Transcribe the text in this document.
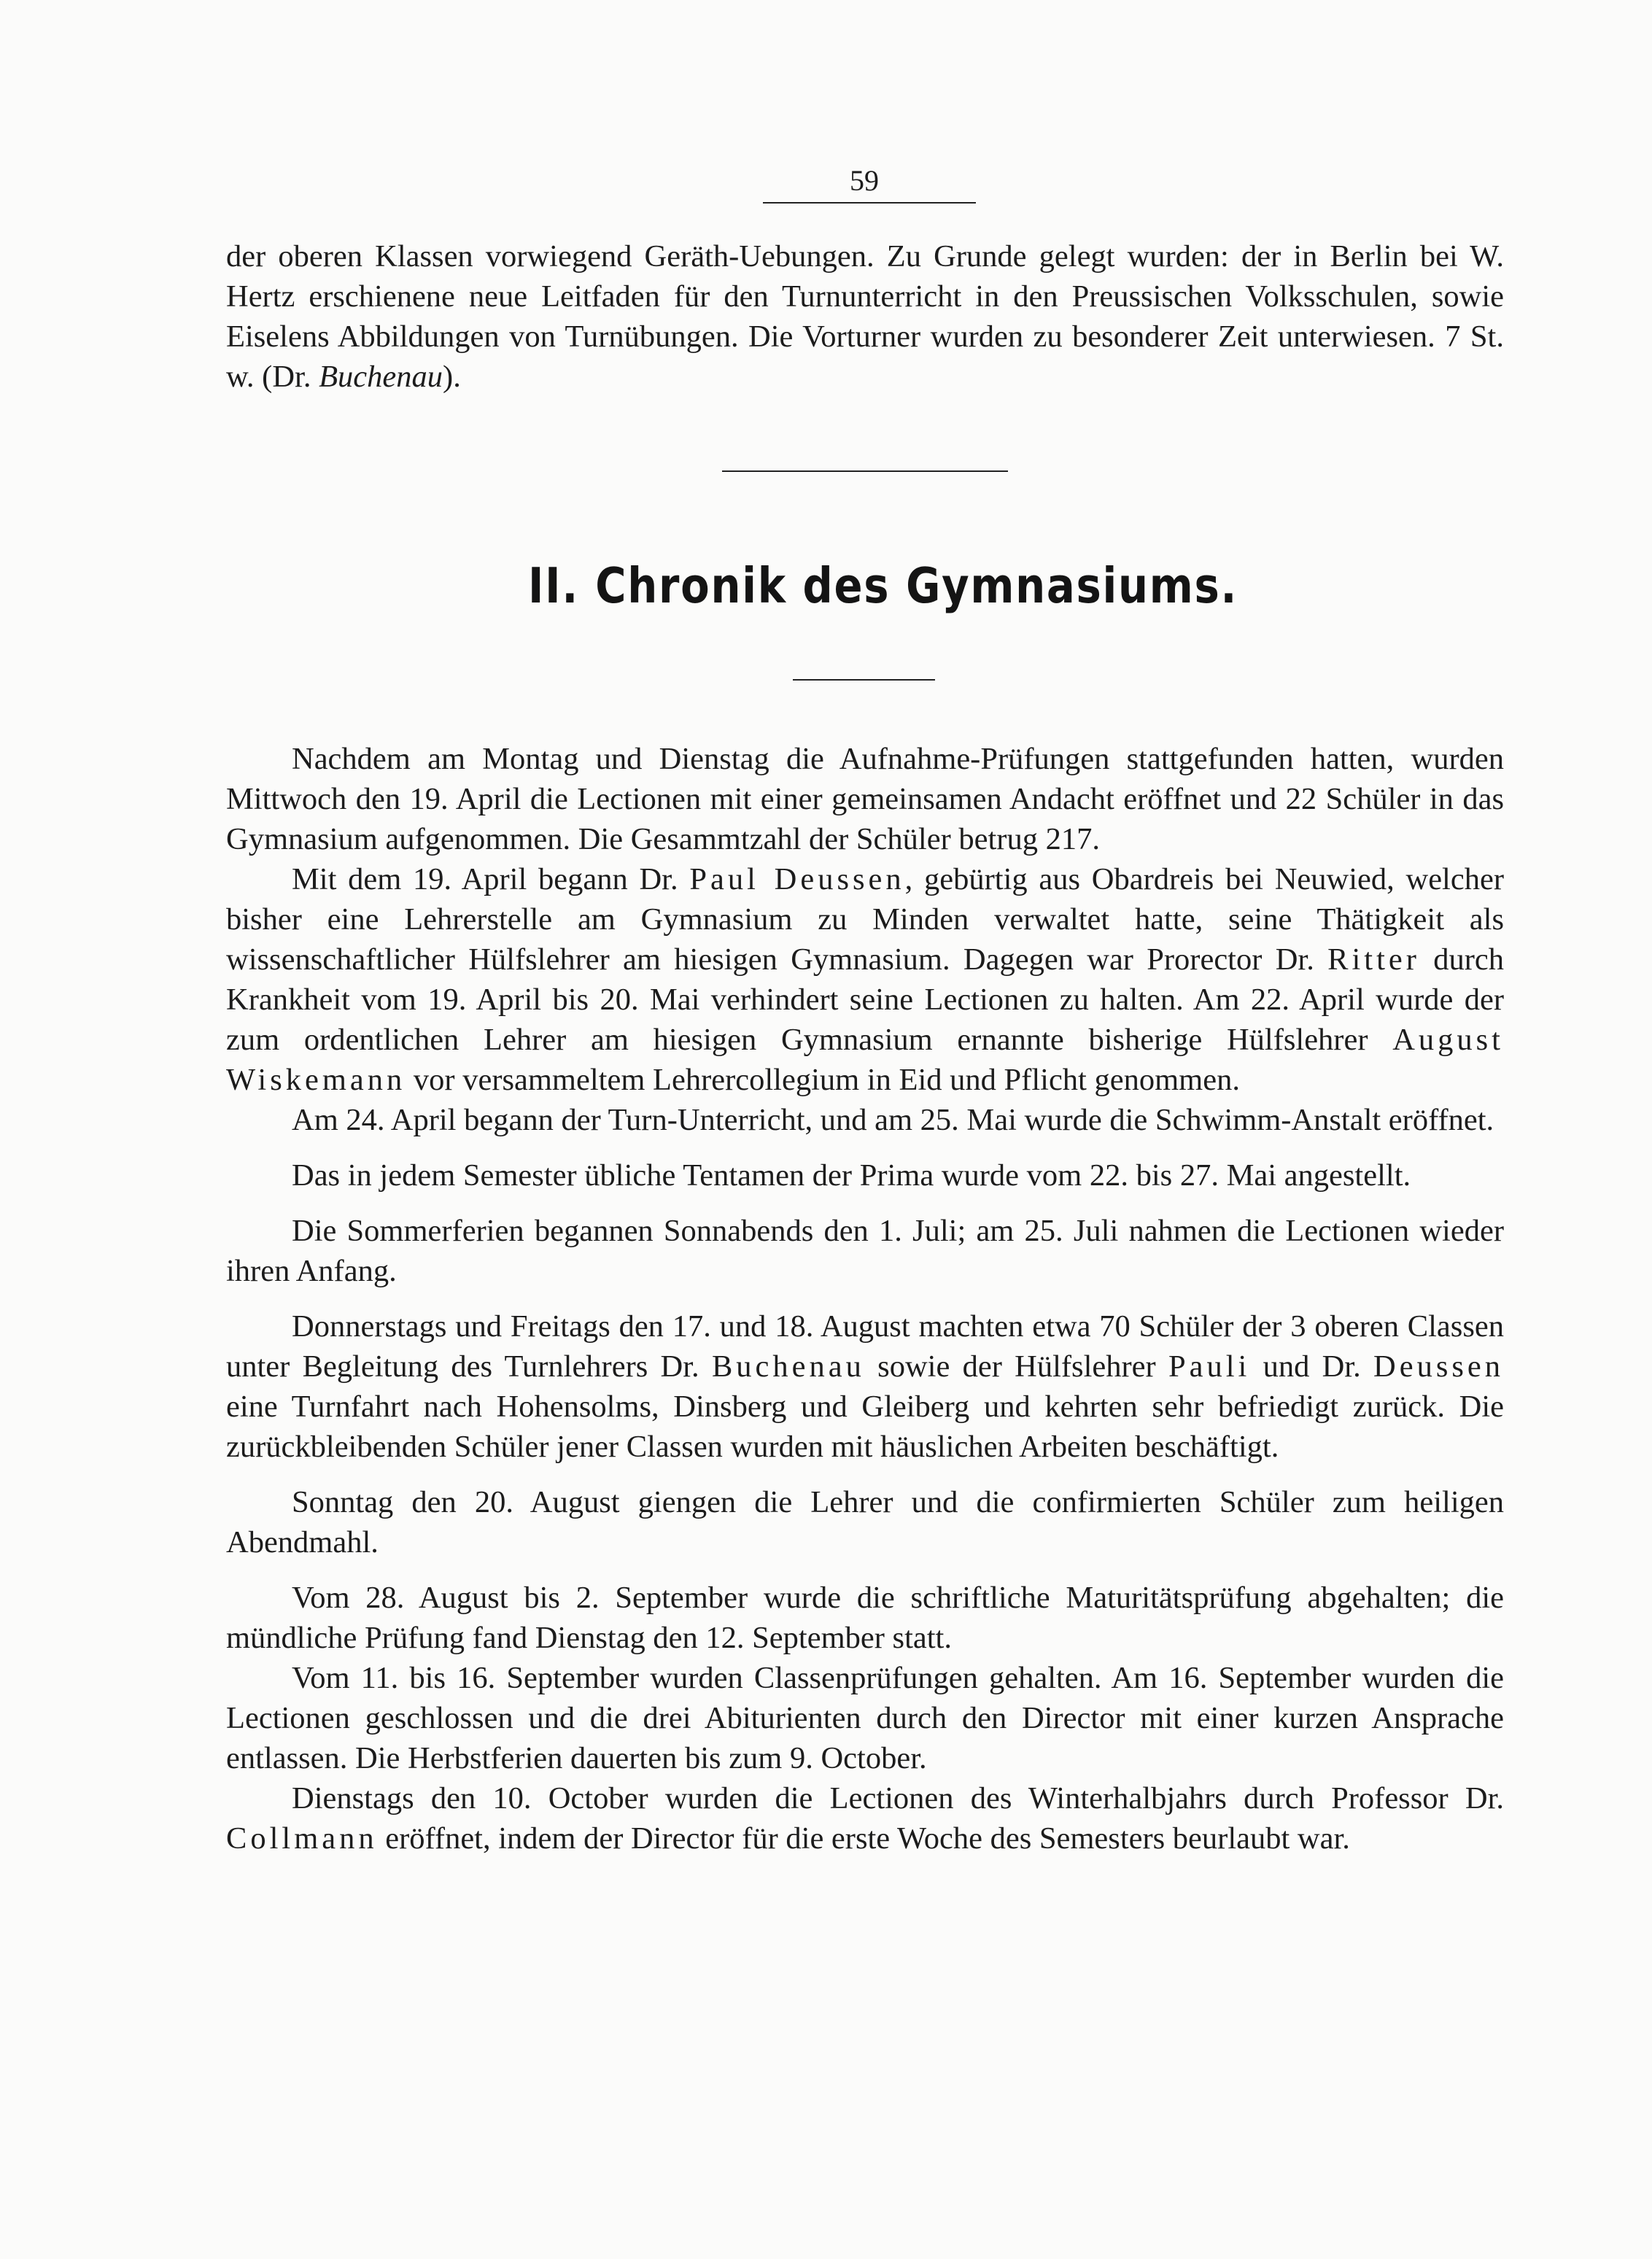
59

der oberen Klassen vorwiegend Geräth-Uebungen. Zu Grunde gelegt wurden: der in Berlin bei W. Hertz erschienene neue Leitfaden für den Turnunterricht in den Preussischen Volksschulen, sowie Eiselens Abbildungen von Turnübungen. Die Vorturner wurden zu besonderer Zeit unterwiesen. 7 St. w. (Dr. Buchenau).

II. Chronik des Gymnasiums.

Nachdem am Montag und Dienstag die Aufnahme-Prüfungen stattgefunden hatten, wurden Mittwoch den 19. April die Lectionen mit einer gemeinsamen Andacht eröffnet und 22 Schüler in das Gymnasium aufgenommen. Die Gesammtzahl der Schüler betrug 217.

Mit dem 19. April begann Dr. Paul Deussen, gebürtig aus Obardreis bei Neuwied, welcher bisher eine Lehrerstelle am Gymnasium zu Minden verwaltet hatte, seine Thätigkeit als wissenschaftlicher Hülfslehrer am hiesigen Gymnasium. Dagegen war Prorector Dr. Ritter durch Krankheit vom 19. April bis 20. Mai verhindert seine Lectionen zu halten. Am 22. April wurde der zum ordentlichen Lehrer am hiesigen Gymnasium ernannte bisherige Hülfslehrer August Wiskemann vor versammeltem Lehrercollegium in Eid und Pflicht genommen.

Am 24. April begann der Turn-Unterricht, und am 25. Mai wurde die Schwimm-Anstalt eröffnet.

Das in jedem Semester übliche Tentamen der Prima wurde vom 22. bis 27. Mai angestellt.

Die Sommerferien begannen Sonnabends den 1. Juli; am 25. Juli nahmen die Lectionen wieder ihren Anfang.

Donnerstags und Freitags den 17. und 18. August machten etwa 70 Schüler der 3 oberen Classen unter Begleitung des Turnlehrers Dr. Buchenau sowie der Hülfslehrer Pauli und Dr. Deussen eine Turnfahrt nach Hohensolms, Dinsberg und Gleiberg und kehrten sehr befriedigt zurück. Die zurückbleibenden Schüler jener Classen wurden mit häuslichen Arbeiten beschäftigt.

Sonntag den 20. August giengen die Lehrer und die confirmierten Schüler zum heiligen Abendmahl.

Vom 28. August bis 2. September wurde die schriftliche Maturitätsprüfung abgehalten; die mündliche Prüfung fand Dienstag den 12. September statt.

Vom 11. bis 16. September wurden Classenprüfungen gehalten. Am 16. September wurden die Lectionen geschlossen und die drei Abiturienten durch den Director mit einer kurzen Ansprache entlassen. Die Herbstferien dauerten bis zum 9. October.

Dienstags den 10. October wurden die Lectionen des Winterhalbjahrs durch Professor Dr. Collmann eröffnet, indem der Director für die erste Woche des Semesters beurlaubt war.
